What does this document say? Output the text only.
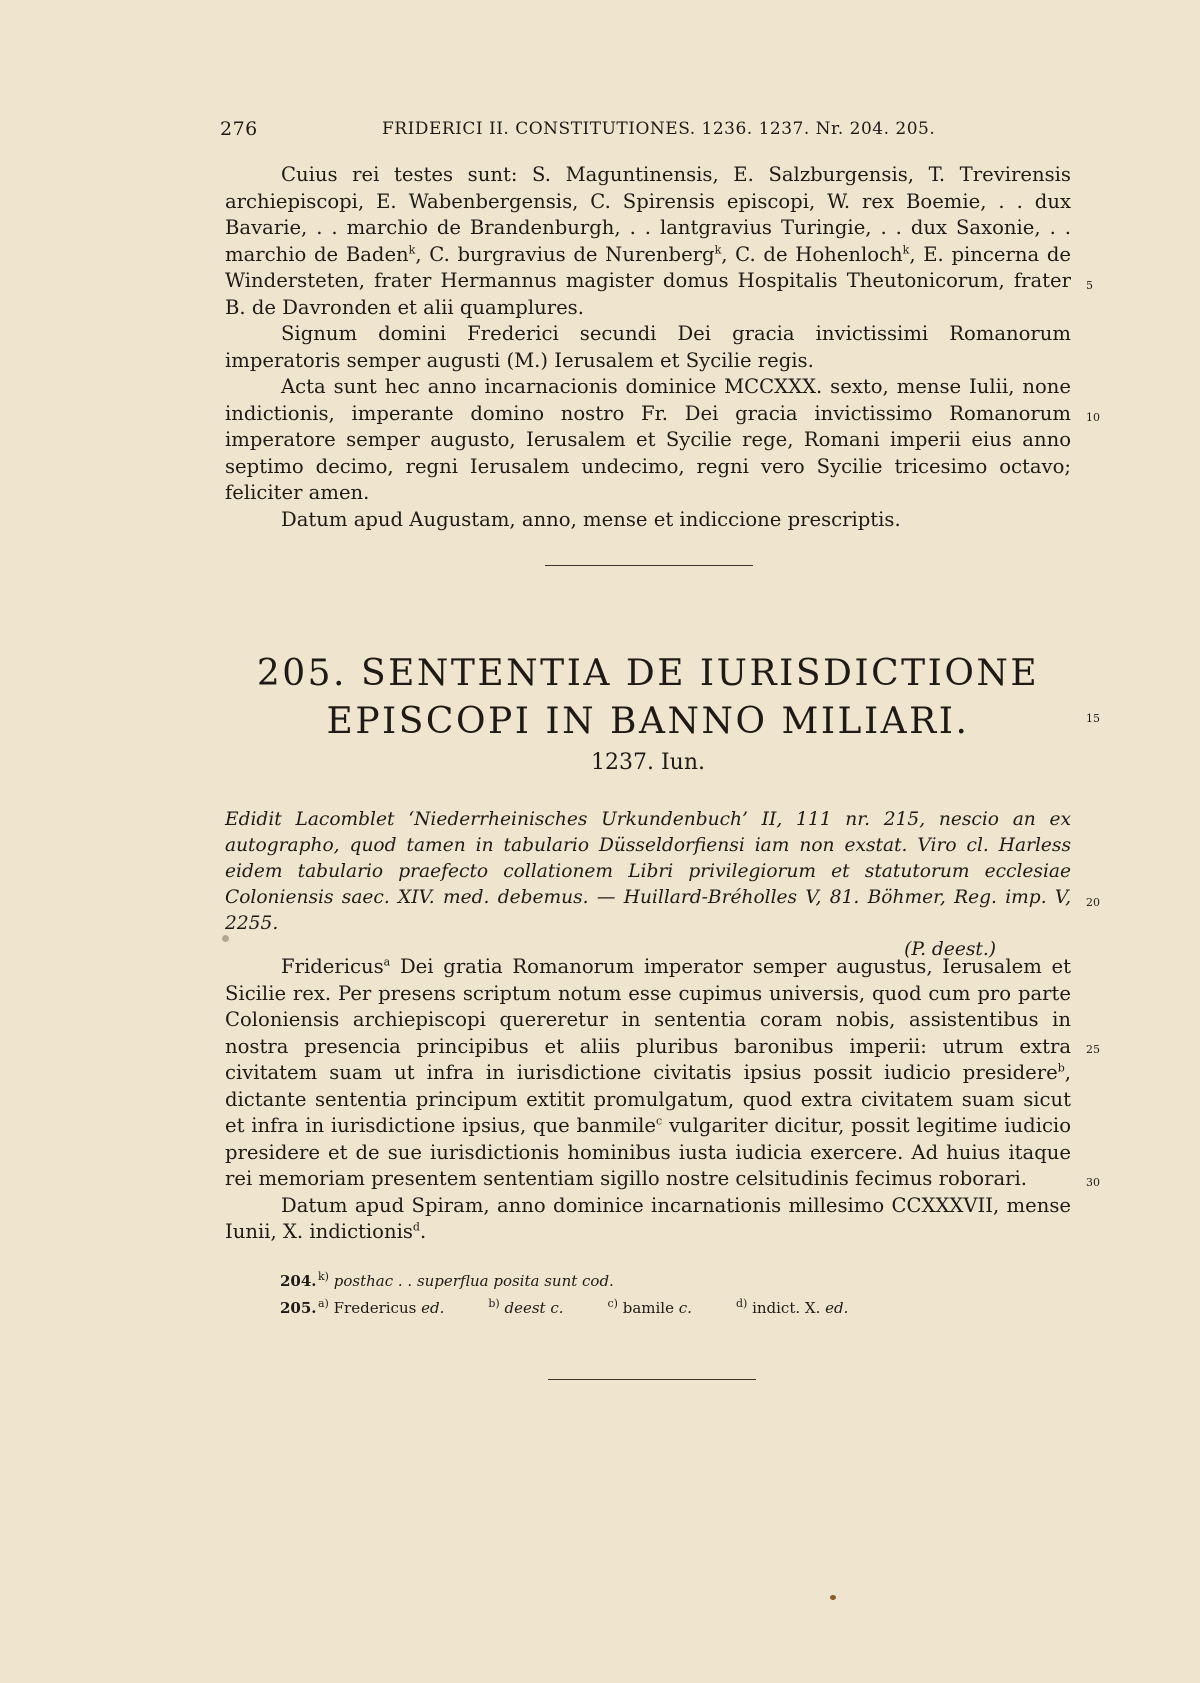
276	FRIDERICI II. CONSTITUTIONES. 1236. 1237. Nr. 204. 205.

Cuius rei testes sunt: S. Maguntinensis, E. Salzburgensis, T. Trevirensis archiepiscopi, E. Wabenbergensis, C. Spirensis episcopi, W. rex Boemie, . . dux Bavarie, . . marchio de Brandenburgh, . . lantgravius Turingie, . . dux Saxonie, . . marchio de Baden$^k$, C. burgravius de Nurenberg$^k$, C. de Hohenloch$^k$, E. pincerna de Windersteten, frater Hermannus magister domus Hospitalis Theutonicorum, frater B. de Davronden et alii quamplures.

Signum domini Frederici secundi Dei gracia invictissimi Romanorum imperatoris semper augusti (M.) Ierusalem et Sycilie regis.

Acta sunt hec anno incarnacionis dominice MCCXXX. sexto, mense Iulii, none indictionis, imperante domino nostro Fr. Dei gracia invictissimo Romanorum imperatore semper augusto, Ierusalem et Sycilie rege, Romani imperii eius anno septimo decimo, regni Ierusalem undecimo, regni vero Sycilie tricesimo octavo; feliciter amen.

Datum apud Augustam, anno, mense et indiccione prescriptis.

5
10
205. SENTENTIA DE IURISDICTIONE
EPISCOPI IN BANNO MILIARI.	15
1237. Iun.
Edidit Lacomblet ‘Niederrheinisches Urkundenbuch’ II, 111 nr. 215, nescio an ex autographo, quod tamen in tabulario Düsseldorfiensi iam non exstat. Viro cl. Harless eidem tabulario praefecto collationem Libri privilegiorum et statutorum ecclesiae Coloniensis saec. XIV. med. debemus. — Huillard-Bréholles V, 81. Böhmer, Reg. imp. V, 2255.
(P. deest.)
20

Fridericus$^a$ Dei gratia Romanorum imperator semper augustus, Ierusalem et Sicilie rex. Per presens scriptum notum esse cupimus universis, quod cum pro parte Coloniensis archiepiscopi quereretur in sententia coram nobis, assistentibus in nostra presencia principibus et aliis pluribus baronibus imperii: utrum extra civitatem suam ut infra in iurisdictione civitatis ipsius possit iudicio presidere$^b$, dictante sententia principum extitit promulgatum, quod extra civitatem suam sicut et infra in iurisdictione ipsius, que banmile$^c$ vulgariter dicitur, possit legitime iudicio presidere et de sue iurisdictionis hominibus iusta iudicia exercere. Ad huius itaque rei memoriam presentem sententiam sigillo nostre celsitudinis fecimus roborari.

Datum apud Spiram, anno dominice incarnationis millesimo CCXXXVII, mense Iunii, X. indictionis$^d$.

25
30
204. $^{k)}$ posthac . . superflua posita sunt cod.
205. $^{a)}$ Fredericus ed.	$^{b)}$ deest c.	$^{c)}$ bamile c.	$^{d)}$ indict. X. ed.
